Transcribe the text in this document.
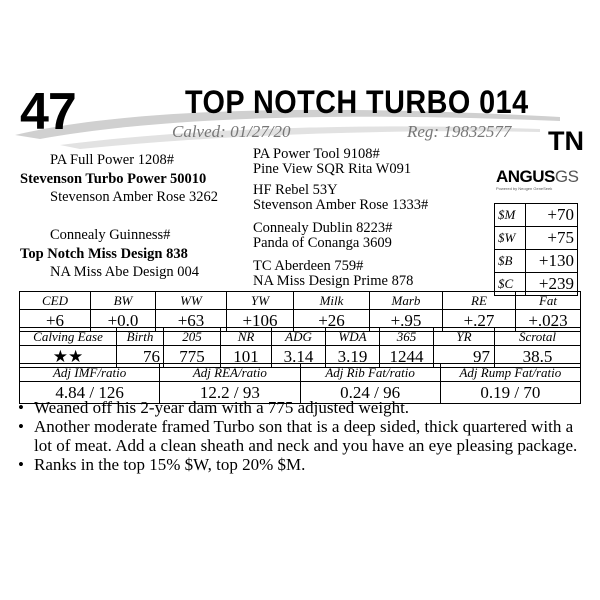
47	TOP NOTCH TURBO 014
Calved: 01/27/20	Reg: 19832577 TN
PA Full Power 1208#
Stevenson Turbo Power 50010
Stevenson Amber Rose 3262
Connealy Guinness#
Top Notch Miss Design 838
NA Miss Abe Design 004
PA Power Tool 9108#
Pine View SQR Rita W091
HF Rebel 53Y
Stevenson Amber Rose 1333#
Connealy Dublin 8223#
Panda of Conanga 3609
TC Aberdeen 759#
NA Miss Design Prime 878
ANGUSGS
Powered by Neogen GeneSeek
$M	+70
$W	+75
$B	+130
$C	+239
CED	BW	WW	YW	Milk	Marb	RE	Fat
+6	+0.0	+63	+106	+26	+.95	+.27	+.023
Calving Ease	Birth	205	NR	ADG	WDA	365	YR	Scrotal
★★	76	775	101	3.14	3.19	1244	97	38.5
Adj IMF/ratio	Adj REA/ratio	Adj Rib Fat/ratio	Adj Rump Fat/ratio
4.84 / 126	12.2 / 93	0.24 / 96	0.19 / 70
• Weaned off his 2-year dam with a 775 adjusted weight.
• Another moderate framed Turbo son that is a deep sided, thick quartered with a lot of meat. Add a clean sheath and neck and you have an eye pleasing package.
• Ranks in the top 15% $W, top 20% $M.
